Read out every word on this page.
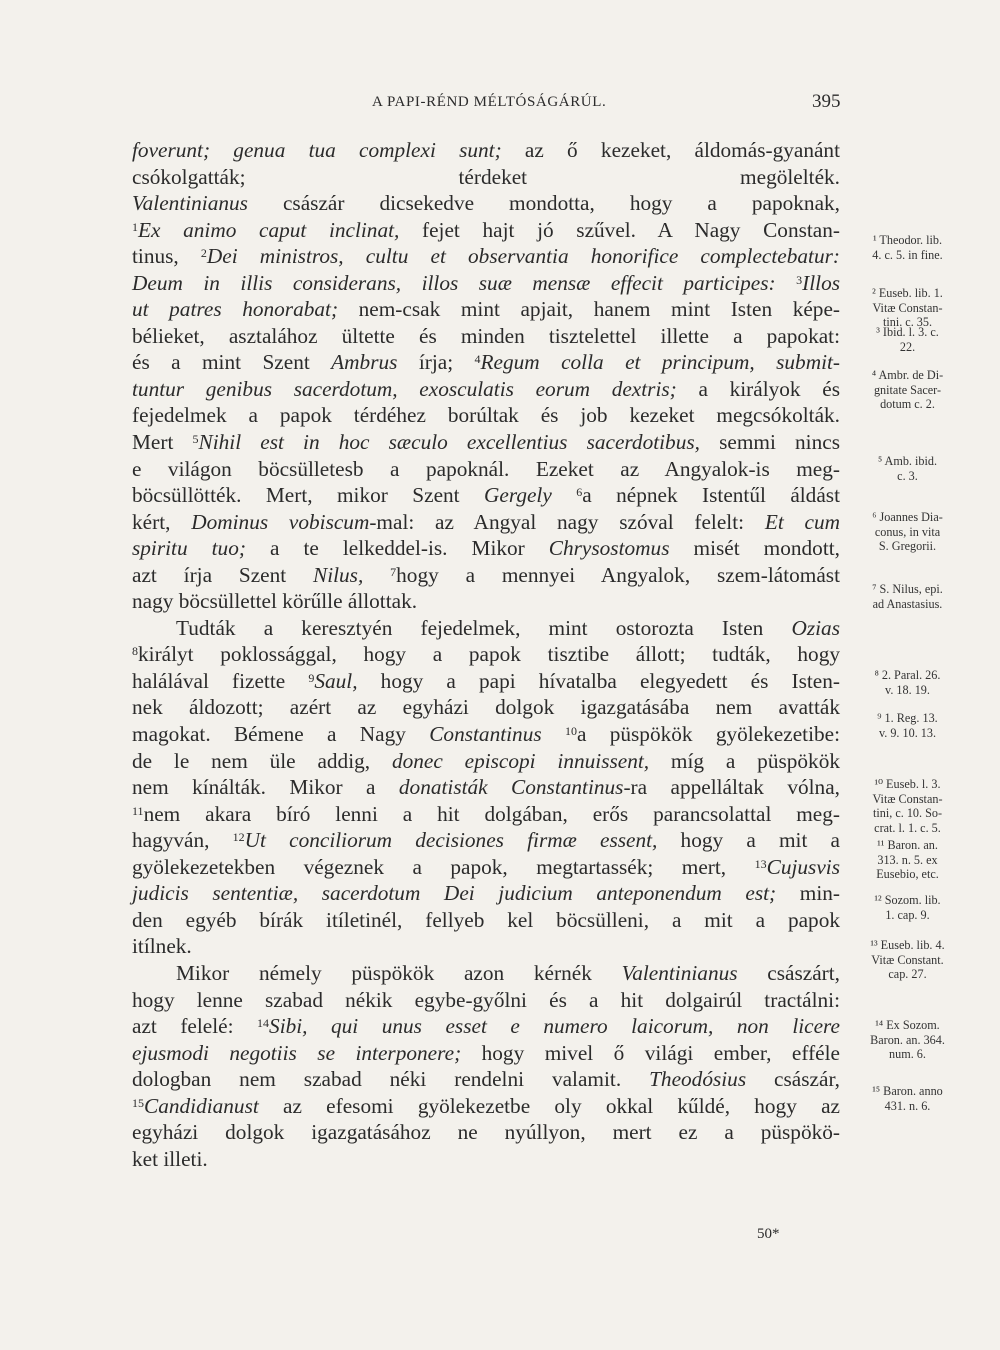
A PAPI-RÉND MÉLTÓSÁGÁRÚL.	395
foverunt; genua tua complexi sunt; az ő kezeket, áldomás-gyanánt
csókolgatták; térdeket megölelték.
Valentinianus császár dicsekedve mondotta, hogy a papoknak,
$^1$Ex animo caput inclinat, fejet hajt jó szűvel. A Nagy Constan-
tinus, $^2$Dei ministros, cultu et observantia honorifice complectebatur:
Deum in illis considerans, illos suæ mensæ effecit participes: $^3$Illos
ut patres honorabat; nem-csak mint apjait, hanem mint Isten képe-
bélieket, asztalához ültette és minden tisztelettel illette a papokat:
és a mint Szent Ambrus írja; $^4$Regum colla et principum, submit-
tuntur genibus sacerdotum, exosculatis eorum dextris; a királyok és
fejedelmek a papok térdéhez borúltak és job kezeket megcsókolták.
Mert $^5$Nihil est in hoc sæculo excellentius sacerdotibus, semmi nincs
e világon böcsülletesb a papoknál. Ezeket az Angyalok-is meg-
böcsüllötték. Mert, mikor Szent Gergely $^6$a népnek Istentűl áldást
kért, Dominus vobiscum-mal: az Angyal nagy szóval felelt: Et cum
spiritu tuo; a te lelkeddel-is. Mikor Chrysostomus misét mondott,
azt írja Szent Nilus, $^7$hogy a mennyei Angyalok, szem-látomást
nagy böcsüllettel körűlle állottak.
Tudták a keresztyén fejedelmek, mint ostorozta Isten Ozias
$^8$királyt poklossággal, hogy a papok tisztibe állott; tudták, hogy
halálával fizette $^9$Saul, hogy a papi hívatalba elegyedett és Isten-
nek áldozott; azért az egyházi dolgok igazgatásába nem avatták
magokat. Bémene a Nagy Constantinus $^{10}$a püspökök gyölekezetibe:
de le nem üle addig, donec episcopi innuissent, míg a püspökök
nem kínálták. Mikor a donatisták Constantinus-ra appelláltak vólna,
$^{11}$nem akara bíró lenni a hit dolgában, erős parancsolattal meg-
hagyván, $^{12}$Ut conciliorum decisiones firmæ essent, hogy a mit a
gyölekezetekben végeznek a papok, megtartassék; mert, $^{13}$Cujusvis
judicis sententiæ, sacerdotum Dei judicium anteponendum est; min-
den egyéb bírák itíletinél, fellyeb kel böcsülleni, a mit a papok
itílnek.
Mikor némely püspökök azon kérnék Valentinianus császárt,
hogy lenne szabad nékik egybe-győlni és a hit dolgairúl tractálni:
azt felelé: $^{14}$Sibi, qui unus esset e numero laicorum, non licere
ejusmodi negotiis se interponere; hogy mivel ő világi ember, efféle
dologban nem szabad néki rendelni valamit. Theodósius császár,
$^{15}$Candidianust az efesomi gyölekezetbe oly okkal kűldé, hogy az
egyházi dolgok igazgatásához ne nyúllyon, mert ez a püspökö-
ket illeti.
¹ Theodor. lib.
4. c. 5. in fine.
² Euseb. lib. 1.
Vitæ Constan-
tini. c. 35.
³ Ibid. l. 3. c.
22.
⁴ Ambr. de Di-
gnitate Sacer-
dotum c. 2.
⁵ Amb. ibid.
c. 3.
⁶ Joannes Dia-
conus, in vita
S. Gregorii.
⁷ S. Nilus, epi.
ad Anastasius.
⁸ 2. Paral. 26.
v. 18. 19.
⁹ 1. Reg. 13.
v. 9. 10. 13.
¹⁰ Euseb. l. 3.
Vitæ Constan-
tini, c. 10. So-
crat. l. 1. c. 5.
¹¹ Baron. an.
313. n. 5. ex
Eusebio, etc.
¹² Sozom. lib.
1. cap. 9.
¹³ Euseb. lib. 4.
Vitæ Constant.
cap. 27.
¹⁴ Ex Sozom.
Baron. an. 364.
num. 6.
¹⁵ Baron. anno
431. n. 6.
50*
